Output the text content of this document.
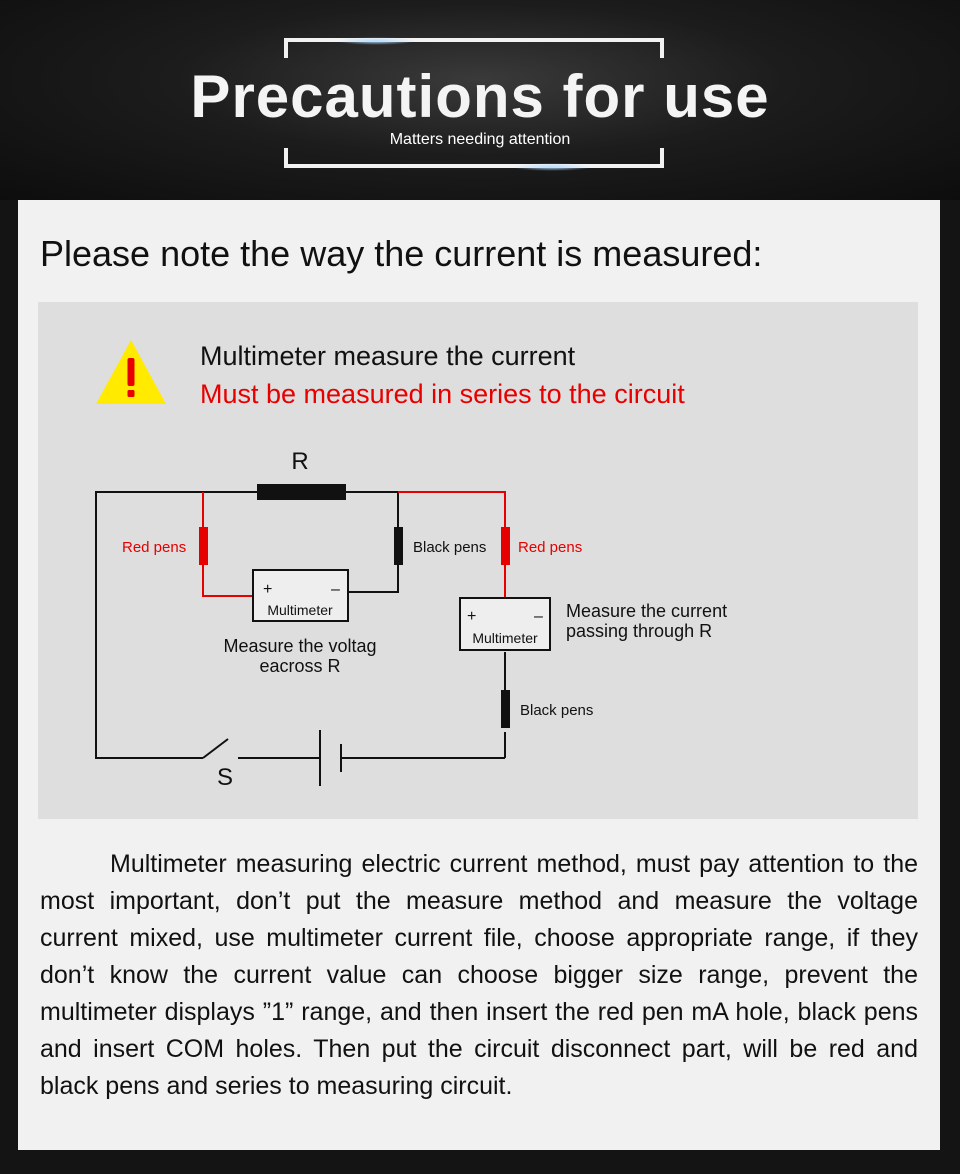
Precautions for use
Matters needing attention
Please note the way the current is measured:
Multimeter measure the current
Must be measured in series to the circuit
R
S
Red pens	Black pens Red pens
Black pens
+	–
Multimeter	+	–
Multimeter
Measure the voltag
eacross R
Measure the current
passing through R
Multimeter measuring electric current method, must pay attention to the most important, don’t put the measure method and measure the voltage current mixed, use multimeter current file, choose appropriate range, if they don’t know the current value can choose bigger size range, prevent the multimeter displays ”1” range, and then insert the red pen mA hole, black pens and insert COM holes. Then put the circuit disconnect part, will be red and black pens and series to measuring circuit.
